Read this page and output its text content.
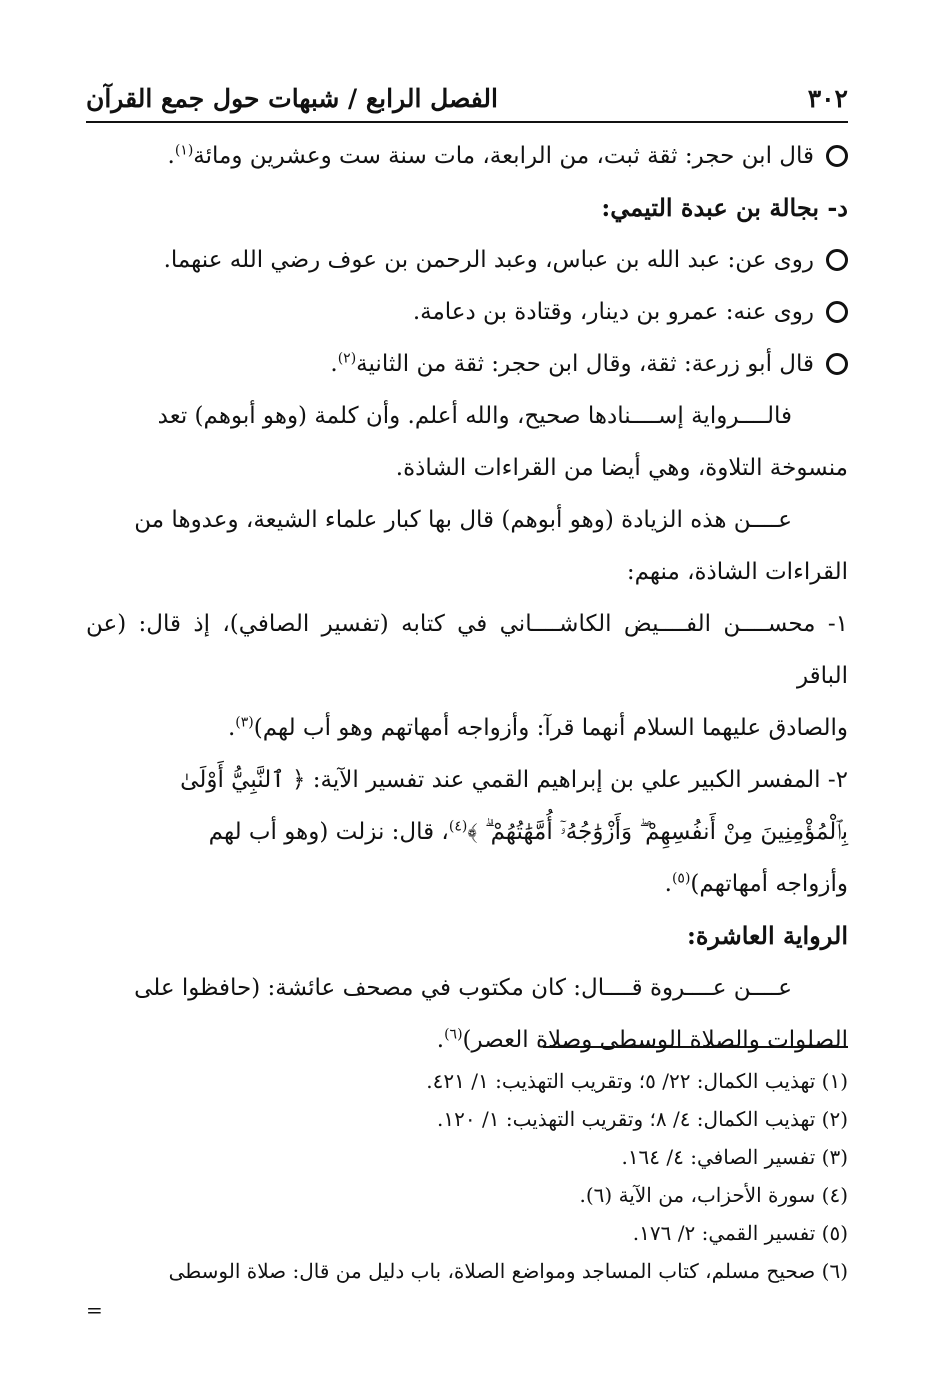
٣٠٢
الفصل الرابع / شبهات حول جمع القرآن

قال ابن حجر: ثقة ثبت، من الرابعة، مات سنة ست وعشرين ومائة$^{(١)}$.

د- بجالة بن عبدة التيمي:

روى عن: عبد الله بن عباس، وعبد الرحمن بن عوف رضي الله عنهما.

روى عنه: عمرو بن دينار، وقتادة بن دعامة.

قال أبو زرعة: ثقة، وقال ابن حجر: ثقة من الثانية$^{(٢)}$.

فالــــرواية إســــنادها صحيح، والله أعلم. وأن كلمة (وهو أبوهم) تعد

منسوخة التلاوة، وهي أيضا من القراءات الشاذة.

عــــن هذه الزيادة (وهو أبوهم) قال بها كبار علماء الشيعة، وعدوها من

القراءات الشاذة، منهم:

١- محســــن الفــــيض الكاشــــاني في كتابه (تفسير الصافي)، إذ قال: (عن الباقر

والصادق عليهما السلام أنهما قرآ: وأزواجه أمهاتهم وهو أب لهم)$^{(٣)}$.

٢- المفسر الكبير علي بن إبراهيم القمي عند تفسير الآية: ﴿ ٱلنَّبِيُّ أَوْلَىٰ

بِٱلْمُؤْمِنِينَ مِنْ أَنفُسِهِمْ ۖ وَأَزْوَٰجُهُۥٓ أُمَّهَٰتُهُمْ ۗ ﴾$^{(٤)}$، قال: نزلت (وهو أب لهم

وأزواجه أمهاتهم)$^{(٥)}$.

الرواية العاشرة:

عــــن عــــروة قــــال: كان مكتوب في مصحف عائشة: (حافظوا على

الصلوات والصلاة الوسطى وصلاة العصر)$^{(٦)}$.

(١) تهذيب الكمال: ٢٢/ ٥؛ وتقريب التهذيب: ١/ ٤٢١.

(٢) تهذيب الكمال: ٤/ ٨؛ وتقريب التهذيب: ١/ ١٢٠.

(٣) تفسير الصافي: ٤/ ١٦٤.

(٤) سورة الأحزاب، من الآية (٦).

(٥) تفسير القمي: ٢/ ١٧٦.

(٦) صحيح مسلم، كتاب المساجد ومواضع الصلاة، باب دليل من قال: صلاة الوسطى

=
